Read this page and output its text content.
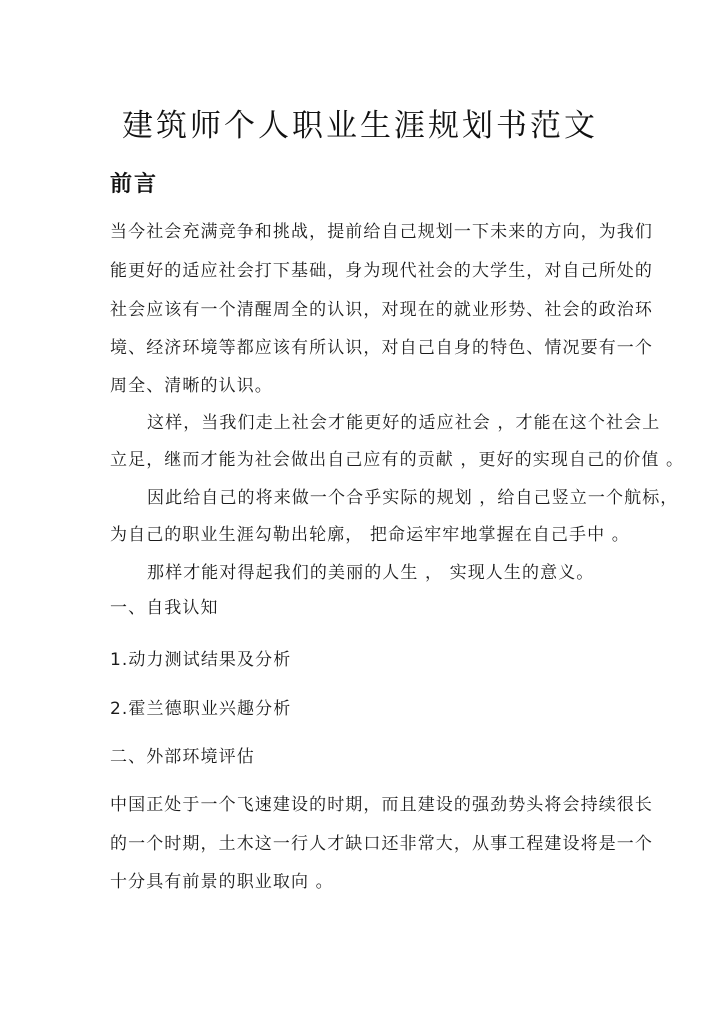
建筑师个人职业生涯规划书范文
前言
当今社会充满竞争和挑战，提前给自己规划一下未来的方向，为我们
能更好的适应社会打下基础，身为现代社会的大学生，对自己所处的
社会应该有一个清醒周全的认识，对现在的就业形势、社会的政治环
境、经济环境等都应该有所认识，对自己自身的特色、情况要有一个
周全、清晰的认识。
这样，当我们走上社会才能更好的适应社会 ，才能在这个社会上
立足，继而才能为社会做出自己应有的贡献 ，更好的实现自己的价值 。
因此给自己的将来做一个合乎实际的规划 ，给自己竖立一个航标，
为自己的职业生涯勾勒出轮廓， 把命运牢牢地掌握在自己手中 。
那样才能对得起我们的美丽的人生 ， 实现人生的意义。
一、自我认知
1.动力测试结果及分析
2.霍兰德职业兴趣分析
二、外部环境评估
中国正处于一个飞速建设的时期，而且建设的强劲势头将会持续很长
的一个时期，土木这一行人才缺口还非常大，从事工程建设将是一个
十分具有前景的职业取向 。
